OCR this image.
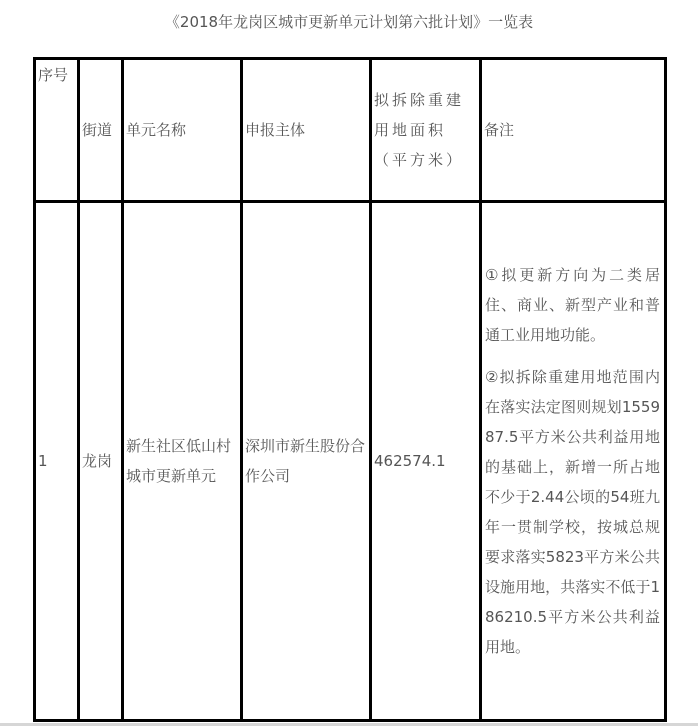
《2018年龙岗区城市更新单元计划第六批计划》一览表
序号	街道	单元名称	申报主体	拟拆除重建用地面积（平方米）	备注
1	龙岗	新生社区低山村城市更新单元	深圳市新生股份合作公司	462574.1	①拟更新方向为二类居住、商业、新型产业和普通工业用地功能。

②拟拆除重建用地范围内在落实法定图则规划155987.5平方米公共利益用地的基础上，新增一所占地不少于2.44公顷的54班九年一贯制学校，按城总规要求落实5823平方米公共设施用地，共落实不低于186210.5平方米公共利益用地。
